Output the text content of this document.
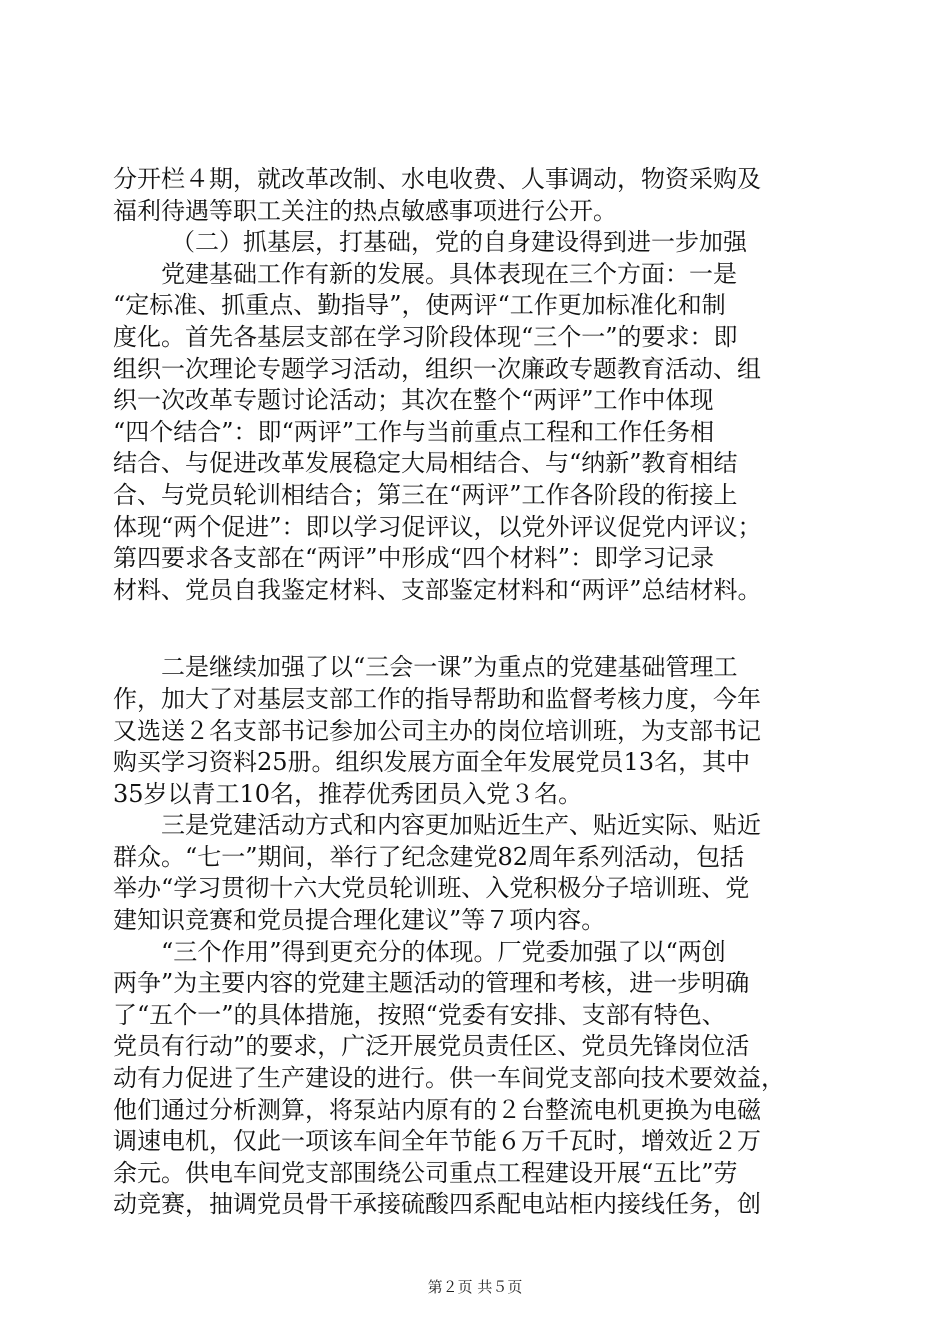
分开栏４期，就改革改制、水电收费、人事调动，物资采购及
福利待遇等职工关注的热点敏感事项进行公开。
（二）抓基层，打基础，党的自身建设得到进一步加强
党建基础工作有新的发展。具体表现在三个方面：一是
“定标准、抓重点、勤指导”，使两评“工作更加标准化和制
度化。首先各基层支部在学习阶段体现“三个一”的要求：即
组织一次理论专题学习活动，组织一次廉政专题教育活动、组
织一次改革专题讨论活动；其次在整个“两评”工作中体现
“四个结合”：即“两评”工作与当前重点工程和工作任务相
结合、与促进改革发展稳定大局相结合、与“纳新”教育相结
合、与党员轮训相结合；第三在“两评”工作各阶段的衔接上
体现“两个促进”：即以学习促评议，以党外评议促党内评议；
第四要求各支部在“两评”中形成“四个材料”：即学习记录
材料、党员自我鉴定材料、支部鉴定材料和“两评”总结材料。
二是继续加强了以“三会一课”为重点的党建基础管理工
作，加大了对基层支部工作的指导帮助和监督考核力度，今年
又选送２名支部书记参加公司主办的岗位培训班，为支部书记
购买学习资料25册。组织发展方面全年发展党员13名，其中
35岁以青工10名，推荐优秀团员入党３名。
三是党建活动方式和内容更加贴近生产、贴近实际、贴近
群众。“七一”期间，举行了纪念建党82周年系列活动，包括
举办“学习贯彻十六大党员轮训班、入党积极分子培训班、党
建知识竞赛和党员提合理化建议”等７项内容。
“三个作用”得到更充分的体现。厂党委加强了以“两创
两争”为主要内容的党建主题活动的管理和考核，进一步明确
了“五个一”的具体措施，按照“党委有安排、支部有特色、
党员有行动”的要求，广泛开展党员责任区、党员先锋岗位活
动有力促进了生产建设的进行。供一车间党支部向技术要效益，
他们通过分析测算，将泵站内原有的２台整流电机更换为电磁
调速电机，仅此一项该车间全年节能６万千瓦时，增效近２万
余元。供电车间党支部围绕公司重点工程建设开展“五比”劳
动竞赛，抽调党员骨干承接硫酸四系配电站柜内接线任务，创
第２页 共５页
